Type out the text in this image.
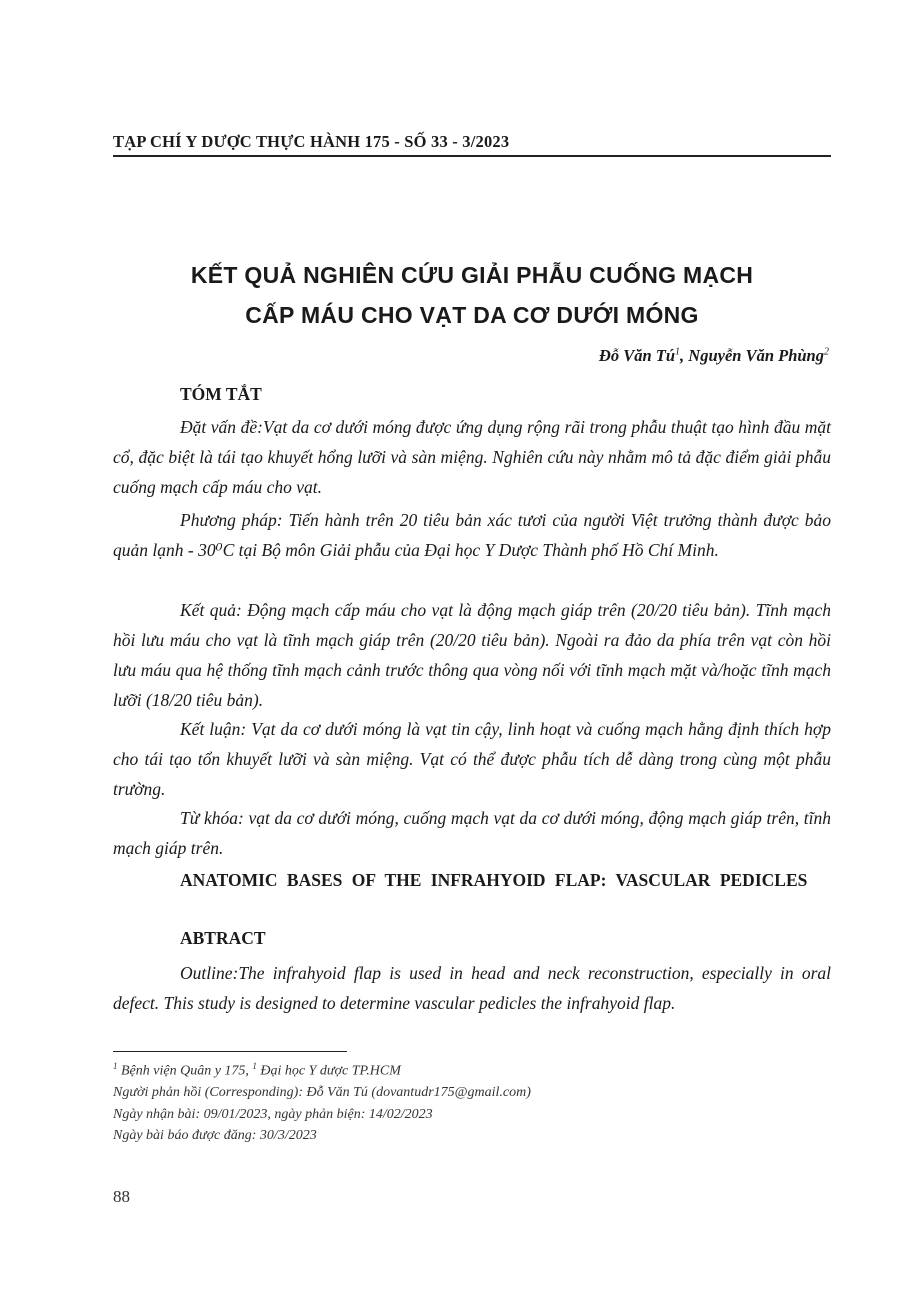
TẠP CHÍ Y DƯỢC THỰC HÀNH 175 - SỐ 33 - 3/2023
KẾT QUẢ NGHIÊN CỨU GIẢI PHẪU CUỐNG MẠCH
CẤP MÁU CHO VẠT DA CƠ DƯỚI MÓNG
Đỗ Văn $Tú^1$, Nguyễn Văn Phùng$^2$
TÓM TẮT
Đặt vấn đề:Vạt da cơ dưới móng được ứng dụng rộng rãi trong phẫu thuật tạo hình đầu mặt cổ, đặc biệt là tái tạo khuyết hổng lưỡi và sàn miệng. Nghiên cứu này nhằm mô tả đặc điểm giải phẫu cuống mạch cấp máu cho vạt.
Phương pháp: Tiến hành trên 20 tiêu bản xác tươi của người Việt trưởng thành được bảo quản lạnh - 30⁰C tại Bộ môn Giải phẫu của Đại học Y Dược Thành phố Hồ Chí Minh.
Kết quả: Động mạch cấp máu cho vạt là động mạch giáp trên (20/20 tiêu bản). Tĩnh mạch hồi lưu máu cho vạt là tĩnh mạch giáp trên (20/20 tiêu bản). Ngoài ra đảo da phía trên vạt còn hồi lưu máu qua hệ thống tĩnh mạch cảnh trước thông qua vòng nối với tĩnh mạch mặt và/hoặc tĩnh mạch lưỡi (18/20 tiêu bản).
Kết luận: Vạt da cơ dưới móng là vạt tin cậy, linh hoạt và cuống mạch hằng định thích hợp cho tái tạo tổn khuyết lưỡi và sàn miệng. Vạt có thể được phẫu tích dễ dàng trong cùng một phẫu trường.
Từ khóa: vạt da cơ dưới móng, cuống mạch vạt da cơ dưới móng, động mạch giáp trên, tĩnh mạch giáp trên.
ANATOMIC BASES OF THE INFRAHYOID FLAP: VASCULAR PEDICLES
ABTRACT
Outline:The infrahyoid flap is used in head and neck reconstruction, especially in oral defect. This study is designed to determine vascular pedicles the infrahyoid flap.
$^1$ Bệnh viện Quân y 175, $^1$ Đại học Y dược TP.HCM
Người phản hồi (Corresponding): Đỗ Văn Tú (dovantudr175@gmail.com)
Ngày nhận bài: 09/01/2023, ngày phản biện: 14/02/2023
Ngày bài báo được đăng: 30/3/2023
88
